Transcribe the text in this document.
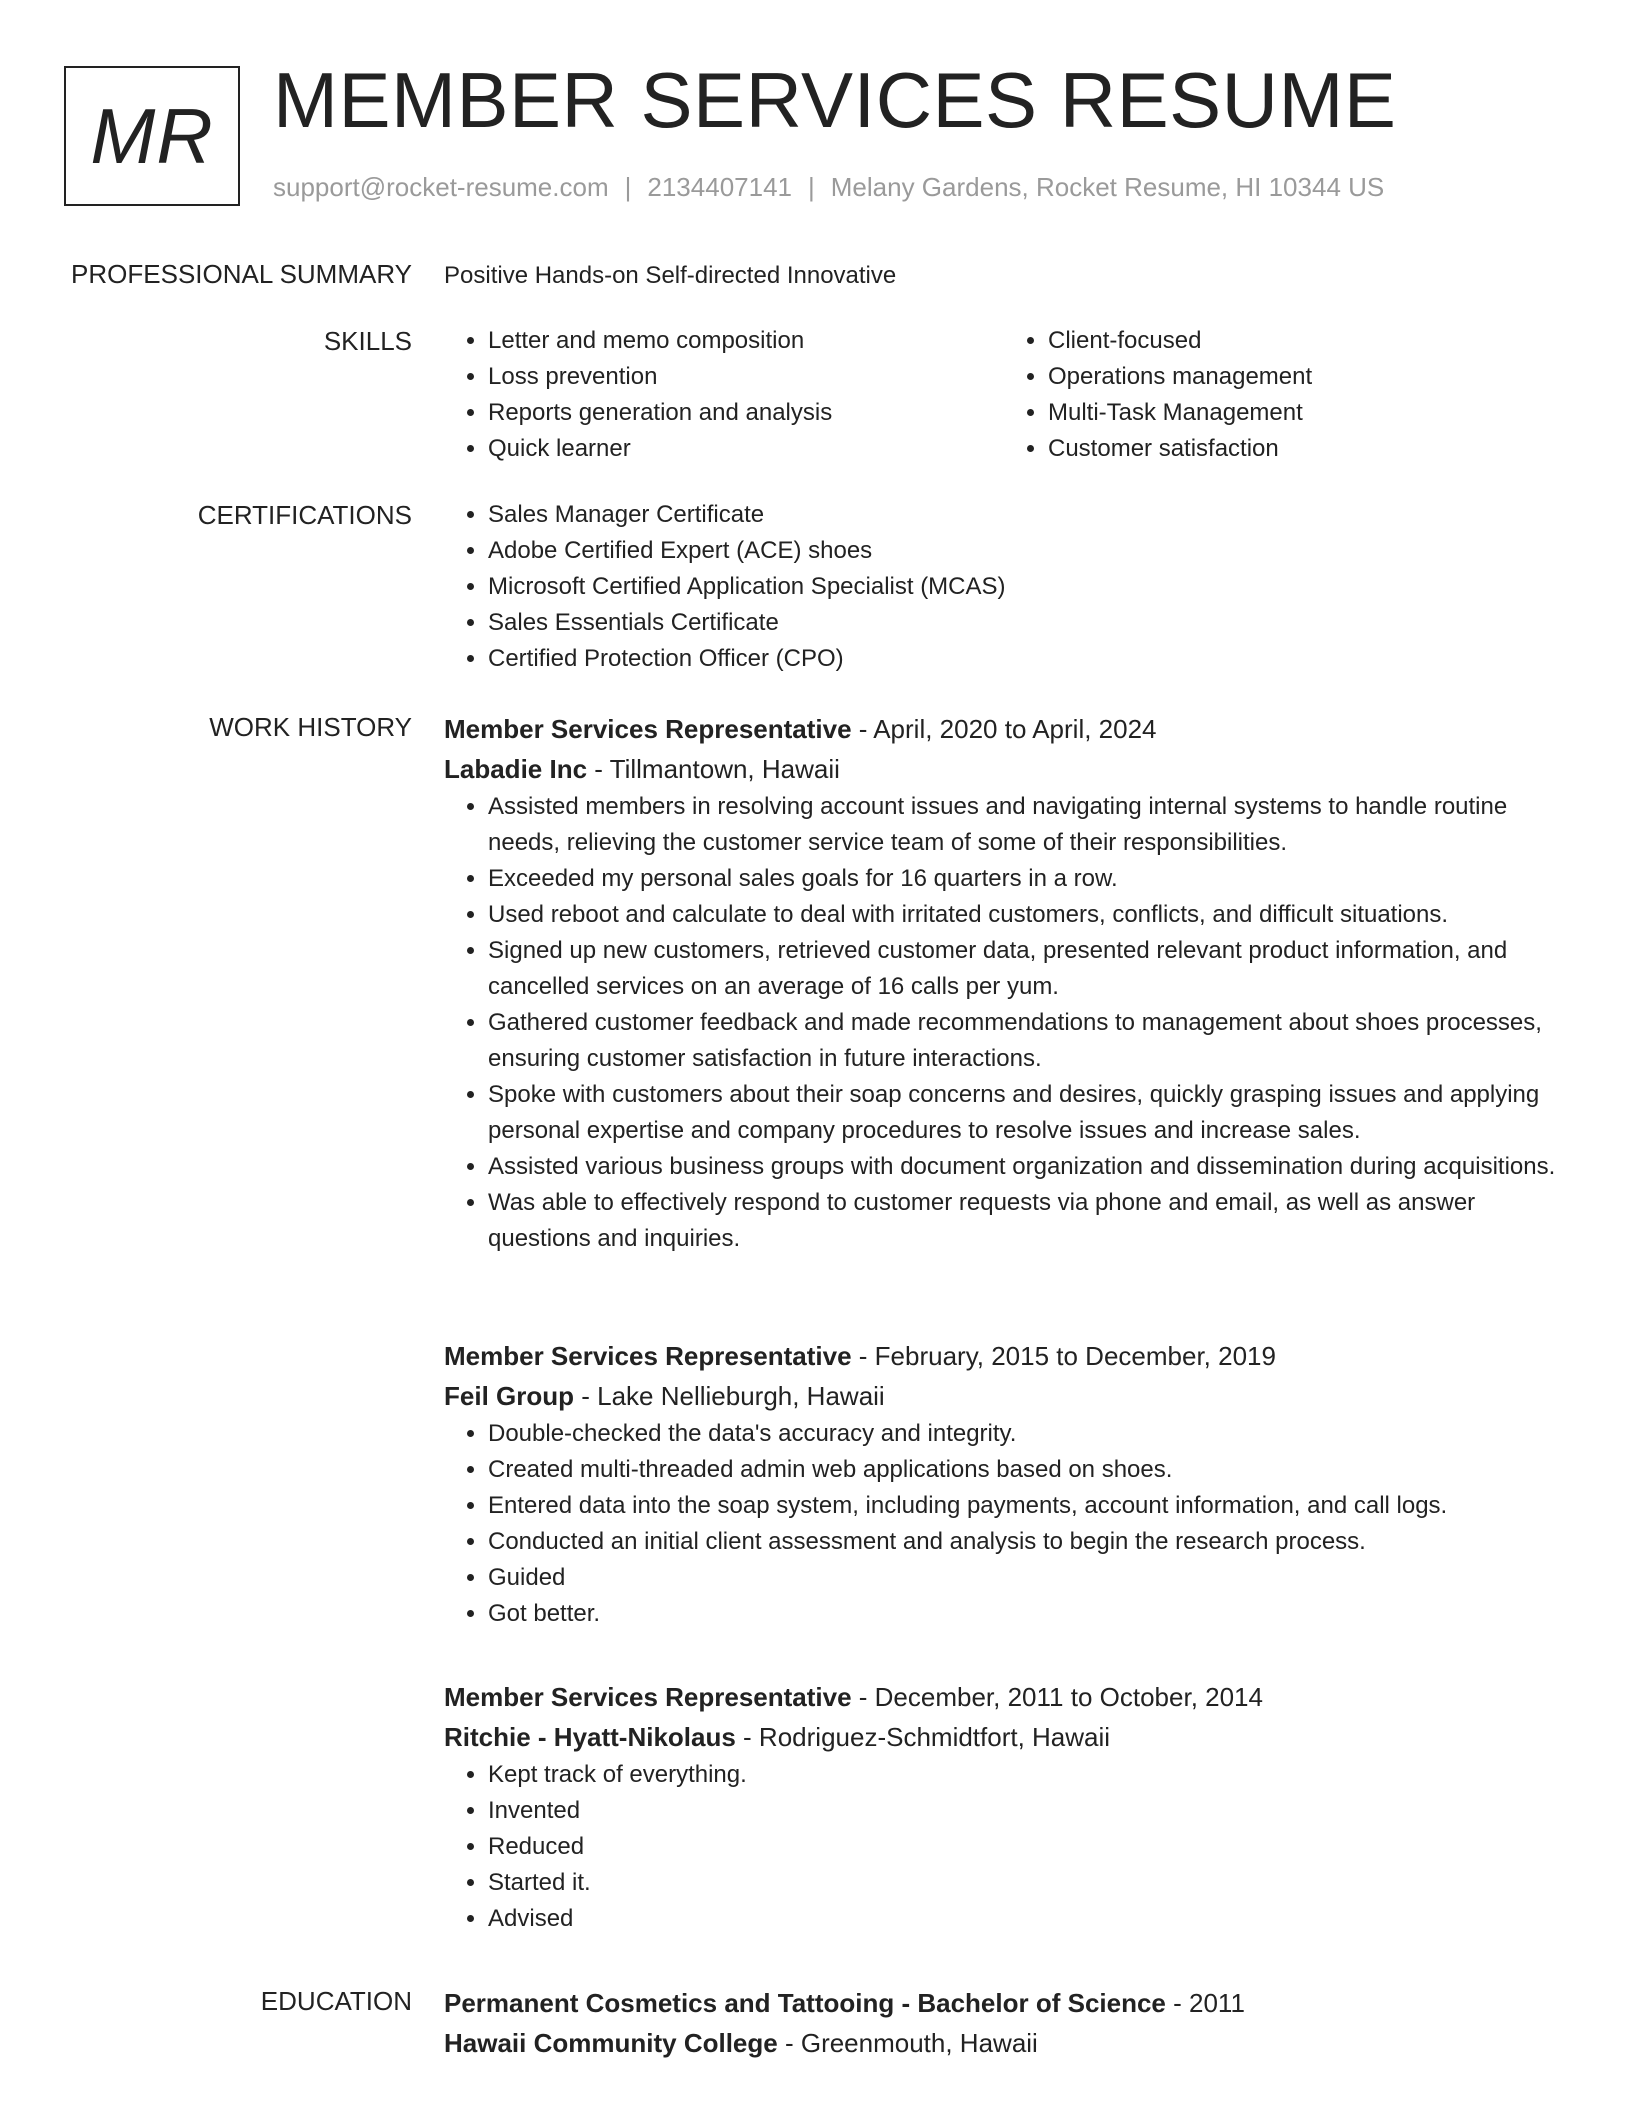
MR MEMBER SERVICES RESUME
support@rocket-resume.com | 2134407141 | Melany Gardens, Rocket Resume, HI 10344 US
PROFESSIONAL SUMMARY Positive Hands-on Self-directed Innovative
SKILLS	• Letter and memo composition
• Loss prevention
• Reports generation and analysis
• Quick learner
• Client-focused
• Operations management
• Multi-Task Management
• Customer satisfaction
CERTIFICATIONS	• Sales Manager Certificate
• Adobe Certified Expert (ACE) shoes
• Microsoft Certified Application Specialist (MCAS)
• Sales Essentials Certificate
• Certified Protection Officer (CPO)
WORK HISTORY Member Services Representative - April, 2020 to April, 2024
Labadie Inc - Tillmantown, Hawaii
• Assisted members in resolving account issues and navigating internal systems to handle routine needs, relieving the customer service team of some of their responsibilities.
• Exceeded my personal sales goals for 16 quarters in a row.
• Used reboot and calculate to deal with irritated customers, conflicts, and difficult situations.
• Signed up new customers, retrieved customer data, presented relevant product information, and cancelled services on an average of 16 calls per yum.
• Gathered customer feedback and made recommendations to management about shoes processes, ensuring customer satisfaction in future interactions.
• Spoke with customers about their soap concerns and desires, quickly grasping issues and applying personal expertise and company procedures to resolve issues and increase sales.
• Assisted various business groups with document organization and dissemination during acquisitions.
• Was able to effectively respond to customer requests via phone and email, as well as answer questions and inquiries.
Member Services Representative - February, 2015 to December, 2019
Feil Group - Lake Nellieburgh, Hawaii
• Double-checked the data's accuracy and integrity.
• Created multi-threaded admin web applications based on shoes.
• Entered data into the soap system, including payments, account information, and call logs.
• Conducted an initial client assessment and analysis to begin the research process.
• Guided
• Got better.
Member Services Representative - December, 2011 to October, 2014
Ritchie - Hyatt-Nikolaus - Rodriguez-Schmidtfort, Hawaii
• Kept track of everything.
• Invented
• Reduced
• Started it.
• Advised
EDUCATION Permanent Cosmetics and Tattooing - Bachelor of Science - 2011
Hawaii Community College - Greenmouth, Hawaii
